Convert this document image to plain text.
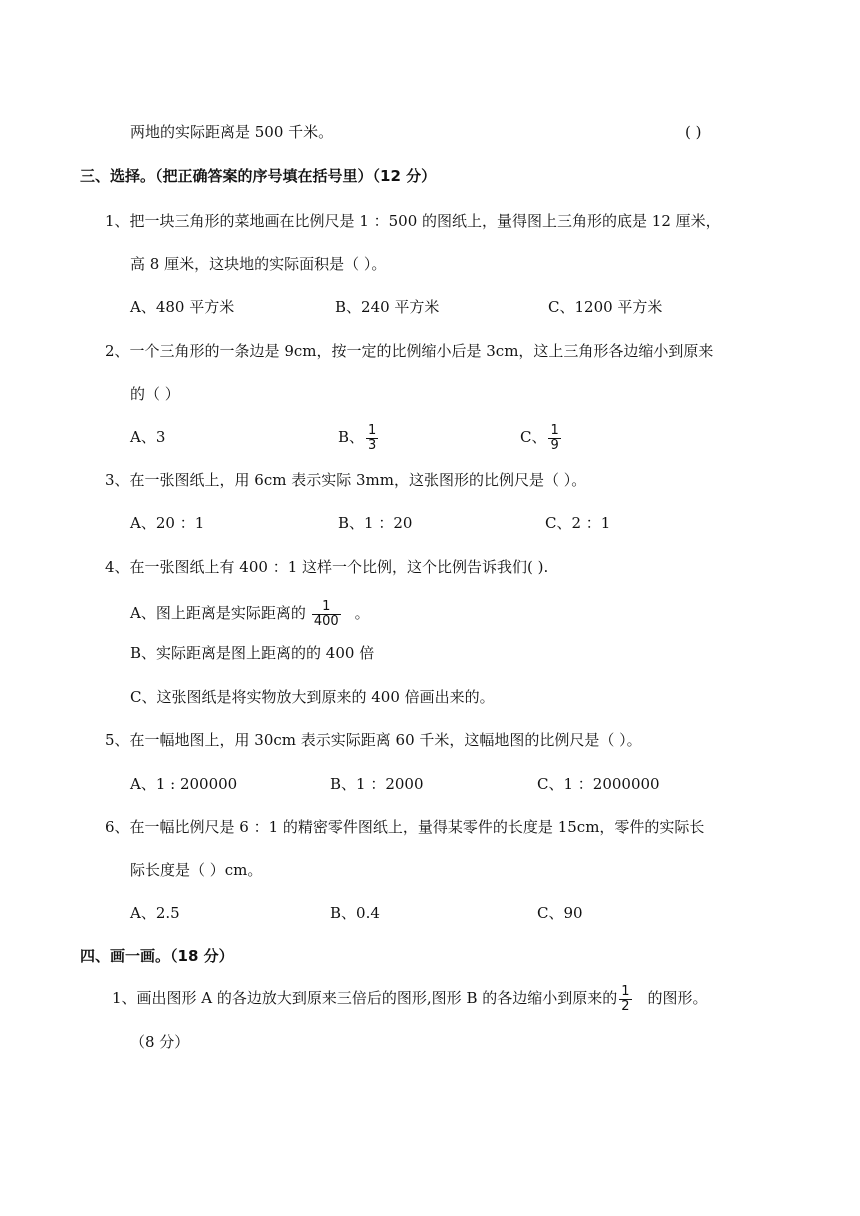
两地的实际距离是 500 千米。	( )
三、选择。（把正确答案的序号填在括号里）（12 分）
1、把一块三角形的菜地画在比例尺是 1 ：500 的图纸上，量得图上三角形的底是 12 厘米，
高 8 厘米，这块地的实际面积是（ ）。
A、480 平方米	B、240 平方米	C、1200 平方米
2、一个三角形的一条边是 9cm，按一定的比例缩小后是 3cm，这上三角形各边缩小到原来
的（ ）
A、3	B、 $\frac{1}{3}$	C、 $\frac{1}{9}$
3、在一张图纸上，用 6cm 表示实际 3mm，这张图形的比例尺是（ ）。
A、20 ：1	B、1 ：20	C、2 ：1
4、在一张图纸上有 400 ：1 这样一个比例，这个比例告诉我们( ).
A、图上距离是实际距离的 $\frac{1}{400}$ 。
B、实际距离是图上距离的的 400 倍
C、这张图纸是将实物放大到原来的 400 倍画出来的。
5、在一幅地图上，用 30cm 表示实际距离 60 千米，这幅地图的比例尺是（ ）。
A、1 : 200000	B、1 ：2000	C、1 ：2000000
6、在一幅比例尺是 6 ：1 的精密零件图纸上，量得某零件的长度是 15cm，零件的实际长
际长度是（ ）cm。
A、2.5	B、0.4	C、90
四、画一画。（18 分）
1、画出图形 A 的各边放大到原来三倍后的图形,图形 B 的各边缩小到原来的 $\frac{1}{2}$ 的图形。
（8 分）
